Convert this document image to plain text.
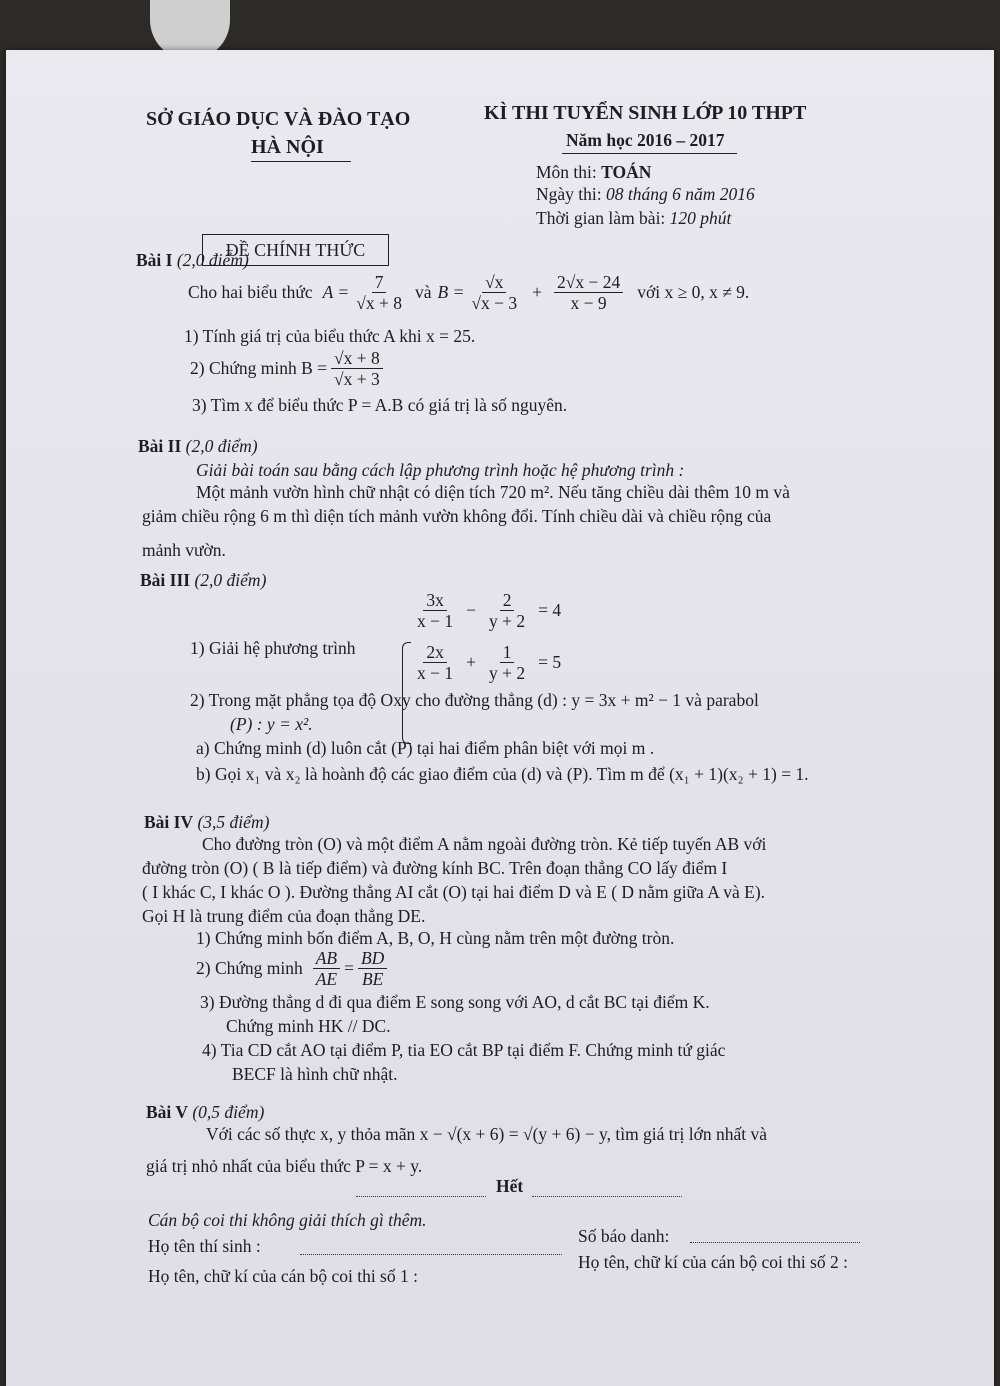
SỞ GIÁO DỤC VÀ ĐÀO TẠO
HÀ NỘI
KÌ THI TUYỂN SINH LỚP 10 THPT
Năm học 2016 – 2017
ĐỀ CHÍNH THỨC
Môn thi: TOÁN
Ngày thi: 08 tháng 6 năm 2016
Thời gian làm bài: 120 phút
Bài I (2,0 điểm)
Cho hai biểu thức $A = \frac{7}{√x + 8}$ và $B = \frac{√x}{√x - 3} + \frac{2√x - 24}{x - 9}$ với x ≥ 0, x ≠ 9.
1) Tính giá trị của biểu thức A khi x = 25.
2) Chứng minh $B = \frac{√x + 8}{√x + 3}$
3) Tìm x để biểu thức P = A.B có giá trị là số nguyên.
Bài II (2,0 điểm)
Giải bài toán sau bằng cách lập phương trình hoặc hệ phương trình :
Một mảnh vườn hình chữ nhật có diện tích 720 m². Nếu tăng chiều dài thêm 10 m và
giảm chiều rộng 6 m thì diện tích mảnh vườn không đổi. Tính chiều dài và chiều rộng của
mảnh vườn.
Bài III (2,0 điểm)
1) Giải hệ phương trình
$\frac{3x}{x - 1} - \frac{2}{y + 2} = 4$
$\frac{2x}{x - 1} + \frac{1}{y + 2} = 5$
2) Trong mặt phẳng tọa độ Oxy cho đường thẳng (d) : y = 3x + m² − 1 và parabol
(P) : y = x².
a) Chứng minh (d) luôn cắt (P) tại hai điểm phân biệt với mọi m .
b) Gọi x₁ và x₂ là hoành độ các giao điểm của (d) và (P). Tìm m để (x₁ + 1)(x₂ + 1) = 1.
Bài IV (3,5 điểm)
Cho đường tròn (O) và một điểm A nằm ngoài đường tròn. Kẻ tiếp tuyến AB với
đường tròn (O) ( B là tiếp điểm) và đường kính BC. Trên đoạn thẳng CO lấy điểm I
( I khác C, I khác O ). Đường thẳng AI cắt (O) tại hai điểm D và E ( D nằm giữa A và E).
Gọi H là trung điểm của đoạn thẳng DE.
1) Chứng minh bốn điểm A, B, O, H cùng nằm trên một đường tròn.
2) Chứng minh $\frac{AB}{AE} = \frac{BD}{BE}$
3) Đường thẳng d đi qua điểm E song song với AO, d cắt BC tại điểm K.
Chứng minh HK // DC.
4) Tia CD cắt AO tại điểm P, tia EO cắt BP tại điểm F. Chứng minh tứ giác
BECF là hình chữ nhật.
Bài V (0,5 điểm)
Với các số thực x, y thỏa mãn x − √(x + 6) = √(y + 6) − y, tìm giá trị lớn nhất và
giá trị nhỏ nhất của biểu thức P = x + y.
Hết
Cán bộ coi thi không giải thích gì thêm.
Họ tên thí sinh :	Số báo danh:
Họ tên, chữ kí của cán bộ coi thi số 1 :
Họ tên, chữ kí của cán bộ coi thi số 2 :
